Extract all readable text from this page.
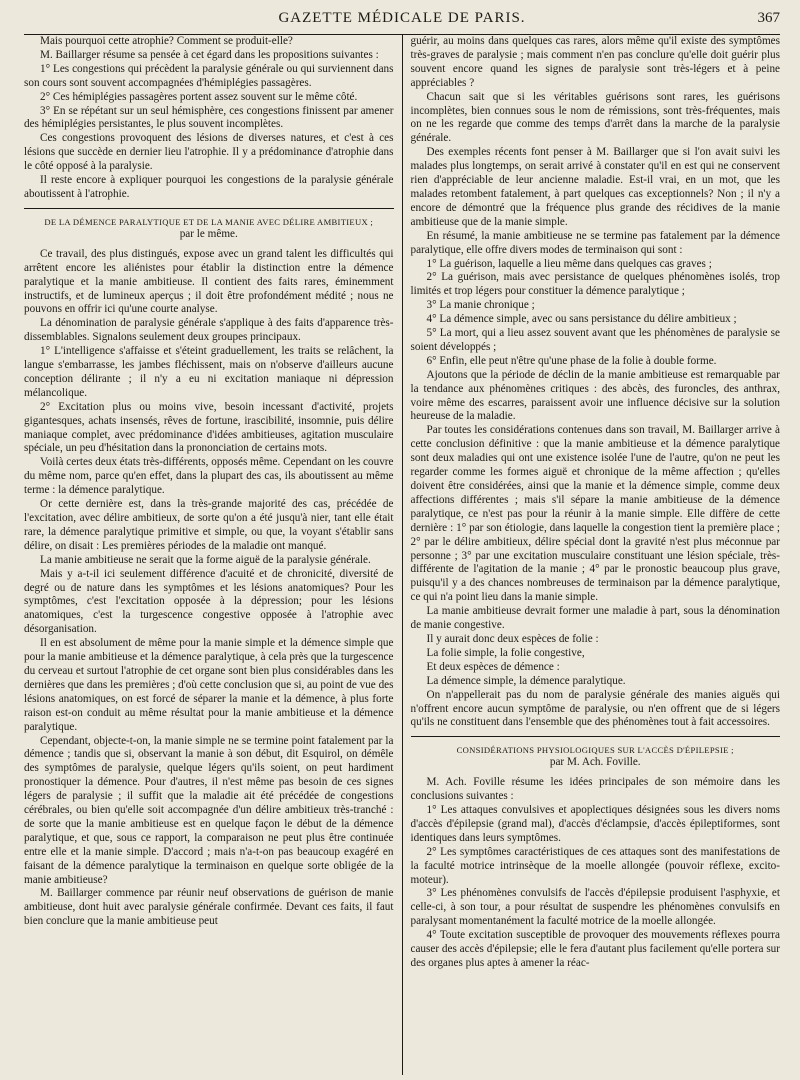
GAZETTE MÉDICALE DE PARIS.	367

Mais pourquoi cette atrophie? Comment se produit-elle?

M. Baillarger résume sa pensée à cet égard dans les propositions suivantes :

1° Les congestions qui précèdent la paralysie générale ou qui surviennent dans son cours sont souvent accompagnées d'hémiplégies passagères.

2° Ces hémiplégies passagères portent assez souvent sur le même côté.

3° En se répétant sur un seul hémisphère, ces congestions finissent par amener des hémiplégies persistantes, le plus souvent incomplètes.

Ces congestions provoquent des lésions de diverses natures, et c'est à ces lésions que succède en dernier lieu l'atrophie. Il y a prédominance d'atrophie dans le côté opposé à la paralysie.

Il reste encore à expliquer pourquoi les congestions de la paralysie générale aboutissent à l'atrophie.

DE LA DÉMENCE PARALYTIQUE ET DE LA MANIE AVEC DÉLIRE AMBITIEUX ;
par le même.

Ce travail, des plus distingués, expose avec un grand talent les difficultés qui arrêtent encore les aliénistes pour établir la distinction entre la démence paralytique et la manie ambitieuse. Il contient des faits rares, éminemment instructifs, et de lumineux aperçus ; il doit être profondément médité ; nous ne pouvons en offrir ici qu'une courte analyse.

La dénomination de paralysie générale s'applique à des faits d'apparence très-dissemblables. Signalons seulement deux groupes principaux.

1° L'intelligence s'affaisse et s'éteint graduellement, les traits se relâchent, la langue s'embarrasse, les jambes fléchissent, mais on n'observe d'ailleurs aucune conception délirante ; il n'y a eu ni excitation maniaque ni dépression mélancolique.

2° Excitation plus ou moins vive, besoin incessant d'activité, projets gigantesques, achats insensés, rêves de fortune, irascibilité, insomnie, puis délire maniaque complet, avec prédominance d'idées ambitieuses, agitation musculaire spéciale, un peu d'hésitation dans la prononciation de certains mots.

Voilà certes deux états très-différents, opposés même. Cependant on les couvre du même nom, parce qu'en effet, dans la plupart des cas, ils aboutissent au même terme : la démence paralytique.

Or cette dernière est, dans la très-grande majorité des cas, précédée de l'excitation, avec délire ambitieux, de sorte qu'on a été jusqu'à nier, tant elle était rare, la démence paralytique primitive et simple, ou que, la voyant s'établir sans délire, on disait : Les premières périodes de la maladie ont manqué.

La manie ambitieuse ne serait que la forme aiguë de la paralysie générale.

Mais y a-t-il ici seulement différence d'acuité et de chronicité, diversité de degré ou de nature dans les symptômes et les lésions anatomiques? Pour les symptômes, c'est l'excitation opposée à la dépression; pour les lésions anatomiques, c'est la turgescence congestive opposée à l'atrophie avec désorganisation.

Il en est absolument de même pour la manie simple et la démence simple que pour la manie ambitieuse et la démence paralytique, à cela près que la turgescence du cerveau et surtout l'atrophie de cet organe sont bien plus considérables dans les dernières que dans les premières ; d'où cette conclusion que si, au point de vue des lésions anatomiques, on est forcé de séparer la manie et la démence, à plus forte raison est-on conduit au même résultat pour la manie ambitieuse et la démence paralytique.

Cependant, objecte-t-on, la manie simple ne se termine point fatalement par la démence ; tandis que si, observant la manie à son début, dit Esquirol, on démêle des symptômes de paralysie, quelque légers qu'ils soient, on peut hardiment pronostiquer la démence. Pour d'autres, il n'est même pas besoin de ces signes légers de paralysie ; il suffit que la maladie ait été précédée de congestions cérébrales, ou bien qu'elle soit accompagnée d'un délire ambitieux très-tranché : de sorte que la manie ambitieuse est en quelque façon le début de la démence paralytique, et que, sous ce rapport, la comparaison ne peut plus être continuée entre elle et la manie simple. D'accord ; mais n'a-t-on pas beaucoup exagéré en faisant de la démence paralytique la terminaison en quelque sorte obligée de la manie ambitieuse?

M. Baillarger commence par réunir neuf observations de guérison de manie ambitieuse, dont huit avec paralysie générale confirmée. Devant ces faits, il faut bien conclure que la manie ambitieuse peut

guérir, au moins dans quelques cas rares, alors même qu'il existe des symptômes très-graves de paralysie ; mais comment n'en pas conclure qu'elle doit guérir plus souvent encore quand les signes de paralysie sont très-légers et à peine appréciables ?

Chacun sait que si les véritables guérisons sont rares, les guérisons incomplètes, bien connues sous le nom de rémissions, sont très-fréquentes, mais on ne les regarde que comme des temps d'arrêt dans la marche de la paralysie générale.

Des exemples récents font penser à M. Baillarger que si l'on avait suivi les malades plus longtemps, on serait arrivé à constater qu'il en est qui ne conservent rien d'appréciable de leur ancienne maladie. Est-il vrai, en un mot, que les malades retombent fatalement, à part quelques cas exceptionnels? Non ; il n'y a encore de démontré que la fréquence plus grande des récidives de la manie ambitieuse que de la manie simple.

En résumé, la manie ambitieuse ne se termine pas fatalement par la démence paralytique, elle offre divers modes de terminaison qui sont :

1° La guérison, laquelle a lieu même dans quelques cas graves ;

2° La guérison, mais avec persistance de quelques phénomènes isolés, trop limités et trop légers pour constituer la démence paralytique ;

3° La manie chronique ;

4° La démence simple, avec ou sans persistance du délire ambitieux ;

5° La mort, qui a lieu assez souvent avant que les phénomènes de paralysie se soient développés ;

6° Enfin, elle peut n'être qu'une phase de la folie à double forme.

Ajoutons que la période de déclin de la manie ambitieuse est remarquable par la tendance aux phénomènes critiques : des abcès, des furoncles, des anthrax, voire même des escarres, paraissent avoir une influence décisive sur la solution heureuse de la maladie.

Par toutes les considérations contenues dans son travail, M. Baillarger arrive à cette conclusion définitive : que la manie ambitieuse et la démence paralytique sont deux maladies qui ont une existence isolée l'une de l'autre, qu'on ne peut les regarder comme les formes aiguë et chronique de la même affection ; qu'elles doivent être considérées, ainsi que la manie et la démence simple, comme deux affections différentes ; mais s'il sépare la manie ambitieuse de la démence paralytique, ce n'est pas pour la réunir à la manie simple. Elle diffère de cette dernière : 1° par son étiologie, dans laquelle la congestion tient la première place ; 2° par le délire ambitieux, délire spécial dont la gravité n'est plus méconnue par personne ; 3° par une excitation musculaire constituant une lésion spéciale, très-différente de l'agitation de la manie ; 4° par le pronostic beaucoup plus grave, puisqu'il y a des chances nombreuses de terminaison par la démence paralytique, ce qui n'a point lieu dans la manie simple.

La manie ambitieuse devrait former une maladie à part, sous la dénomination de manie congestive.

Il y aurait donc deux espèces de folie :

La folie simple, la folie congestive,

Et deux espèces de démence :

La démence simple, la démence paralytique.

On n'appellerait pas du nom de paralysie générale des manies aiguës qui n'offrent encore aucun symptôme de paralysie, ou n'en offrent que de si légers qu'ils ne constituent dans l'ensemble que des phénomènes tout à fait accessoires.

CONSIDÉRATIONS PHYSIOLOGIQUES SUR L'ACCÈS D'ÉPILEPSIE ;
par M. Ach. Foville.

M. Ach. Foville résume les idées principales de son mémoire dans les conclusions suivantes :

1° Les attaques convulsives et apoplectiques désignées sous les divers noms d'accès d'épilepsie (grand mal), d'accès d'éclampsie, d'accès épileptiformes, sont identiques dans leurs symptômes.

2° Les symptômes caractéristiques de ces attaques sont des manifestations de la faculté motrice intrinsèque de la moelle allongée (pouvoir réflexe, excito-moteur).

3° Les phénomènes convulsifs de l'accès d'épilepsie produisent l'asphyxie, et celle-ci, à son tour, a pour résultat de suspendre les phénomènes convulsifs en paralysant momentanément la faculté motrice de la moelle allongée.

4° Toute excitation susceptible de provoquer des mouvements réflexes pourra causer des accès d'épilepsie; elle le fera d'autant plus facilement qu'elle portera sur des organes plus aptes à amener la réac-
